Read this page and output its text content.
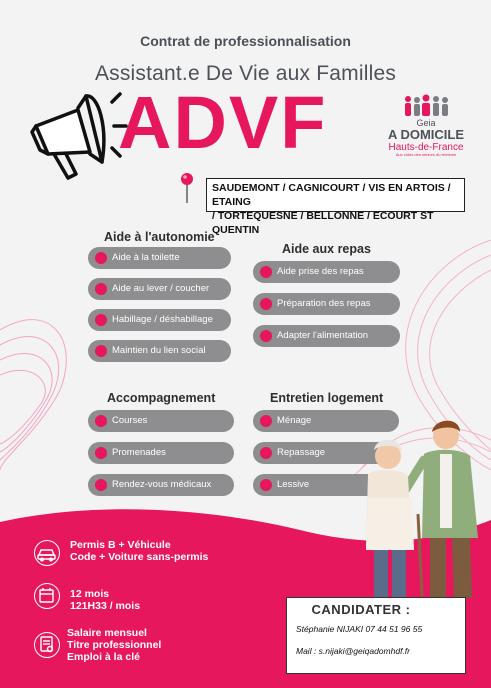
Contrat de professionnalisation
Assistant.e De Vie aux Familles
ADVF	Geia
A DOMICILE
Hauts-de-France
Aux côtés des séniors du territoire
SAUDEMONT / CAGNICOURT / VIS EN ARTOIS / ETAING
/ TORTEQUESNE / BELLONNE / ECOURT ST QUENTIN
Aide à l'autonomie
Aide à la toilette
Aide au lever / coucher
Habillage / déshabillage
Maintien du lien social
Aide aux repas
Aide prise des repas
Préparation des repas
Adapter l'alimentation
Accompagnement
Courses
Promenades
Rendez-vous médicaux
Entretien logement
Ménage
Repassage
Lessive
Permis B + Véhicule
Code + Voiture sans-permis
12 mois
121H33 / mois
Salaire mensuel
Titre professionnel
Emploi à la clé
CANDIDATER :
Stéphanie NIJAKI 07 44 51 96 55
Mail : s.nijaki@geiqadomhdf.fr
